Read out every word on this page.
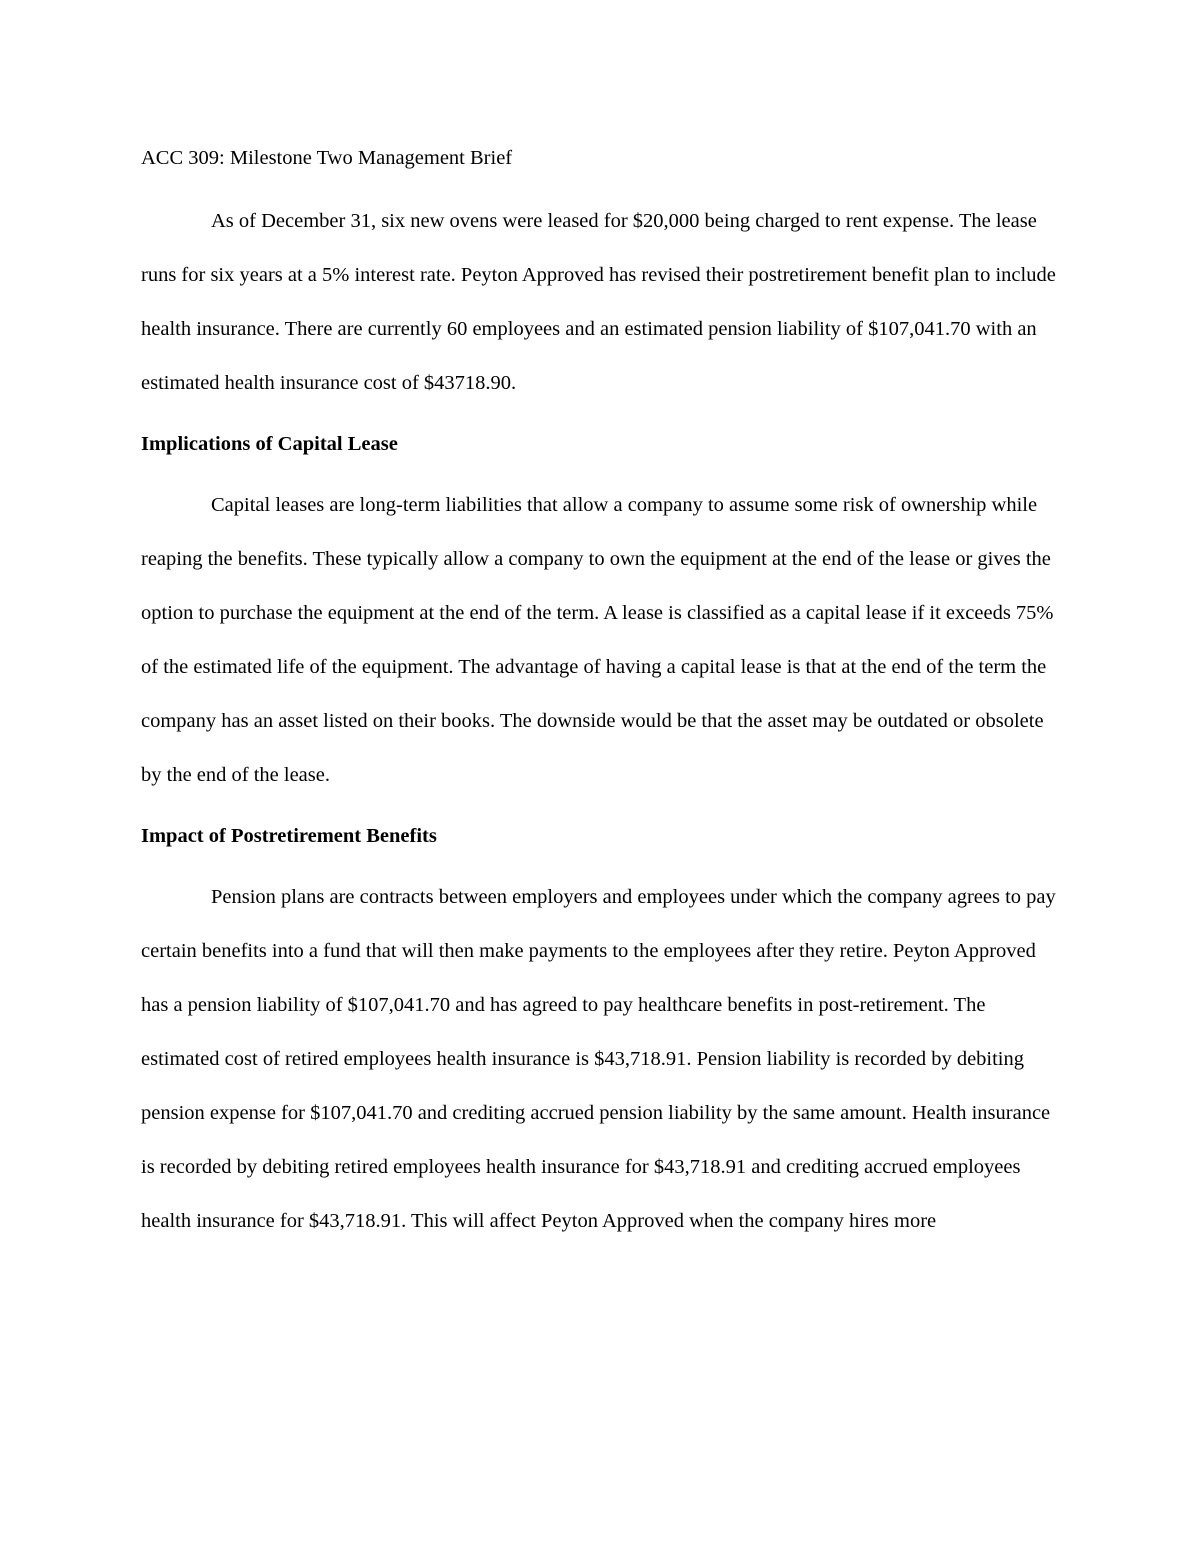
ACC 309: Milestone Two Management Brief

As of December 31, six new ovens were leased for $20,000 being charged to rent expense. The lease runs for six years at a 5% interest rate. Peyton Approved has revised their postretirement benefit plan to include health insurance. There are currently 60 employees and an estimated pension liability of $107,041.70 with an estimated health insurance cost of $43718.90.

Implications of Capital Lease

Capital leases are long-term liabilities that allow a company to assume some risk of ownership while reaping the benefits. These typically allow a company to own the equipment at the end of the lease or gives the option to purchase the equipment at the end of the term. A lease is classified as a capital lease if it exceeds 75% of the estimated life of the equipment. The advantage of having a capital lease is that at the end of the term the company has an asset listed on their books. The downside would be that the asset may be outdated or obsolete by the end of the lease.

Impact of Postretirement Benefits

Pension plans are contracts between employers and employees under which the company agrees to pay certain benefits into a fund that will then make payments to the employees after they retire. Peyton Approved has a pension liability of $107,041.70 and has agreed to pay healthcare benefits in post-retirement. The estimated cost of retired employees health insurance is $43,718.91. Pension liability is recorded by debiting pension expense for $107,041.70 and crediting accrued pension liability by the same amount. Health insurance is recorded by debiting retired employees health insurance for $43,718.91 and crediting accrued employees health insurance for $43,718.91. This will affect Peyton Approved when the company hires more
